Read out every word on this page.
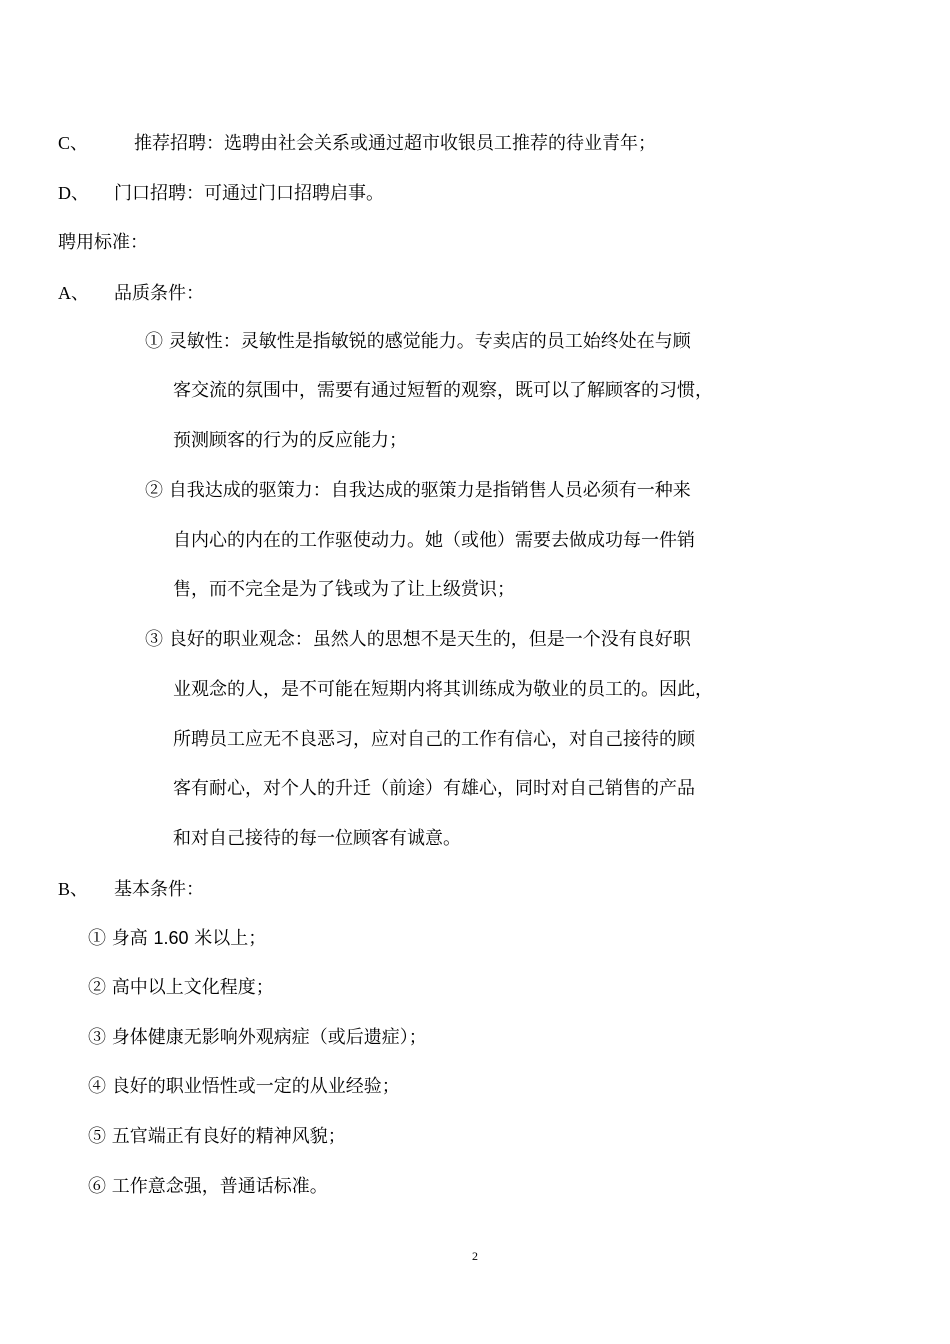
C、	推荐招聘：选聘由社会关系或通过超市收银员工推荐的待业青年；
D、 门口招聘：可通过门口招聘启事。
聘用标准：
A、 品质条件：
① 灵敏性：灵敏性是指敏锐的感觉能力。专卖店的员工始终处在与顾
客交流的氛围中，需要有通过短暂的观察，既可以了解顾客的习惯，
预测顾客的行为的反应能力；
② 自我达成的驱策力：自我达成的驱策力是指销售人员必须有一种来
自内心的内在的工作驱使动力。她（或他）需要去做成功每一件销
售，而不完全是为了钱或为了让上级赏识；
③ 良好的职业观念：虽然人的思想不是天生的，但是一个没有良好职
业观念的人，是不可能在短期内将其训练成为敬业的员工的。因此，
所聘员工应无不良恶习，应对自己的工作有信心，对自己接待的顾
客有耐心，对个人的升迁（前途）有雄心，同时对自己销售的产品
和对自己接待的每一位顾客有诚意。
B、 基本条件：
① 身高 1.60 米以上；
② 高中以上文化程度；
③ 身体健康无影响外观病症（或后遗症）；
④ 良好的职业悟性或一定的从业经验；
⑤ 五官端正有良好的精神风貌；
⑥ 工作意念强，普通话标准。
2
